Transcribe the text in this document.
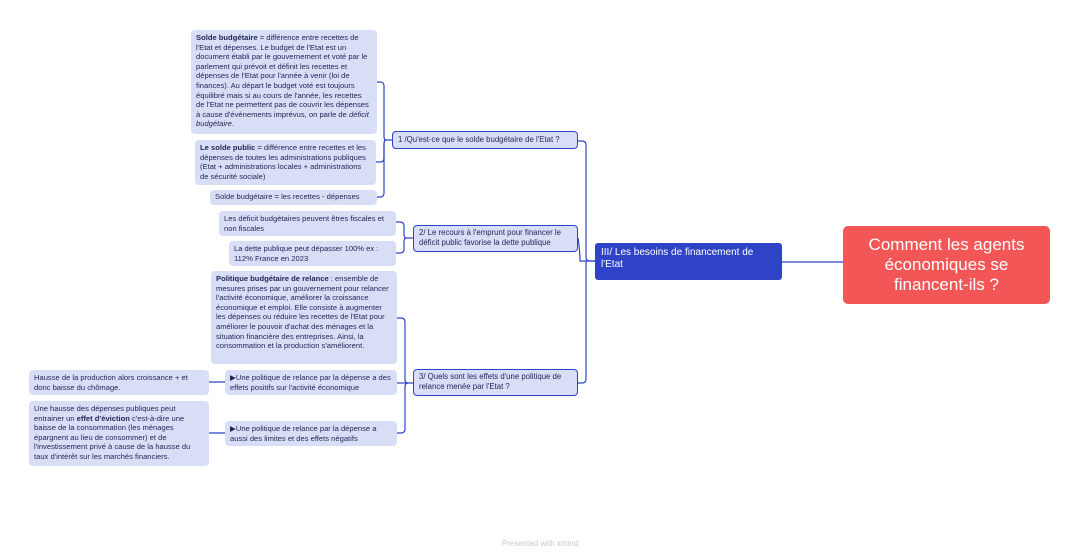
Solde budgétaire = différence entre recettes de l'Etat et dépenses. Le budget de l'Etat est un document établi par le gouvernement et voté par le parlement qui prévoit et définit les recettes et dépenses de l'Etat pour l'année à venir (loi de finances). Au départ le budget voté est toujours équilibré mais si au cours de l'année, les recettes de l'Etat ne permettent pas de couvrir les dépenses à cause d'événements imprévus, on parle de déficit budgétaire.
Le solde public = différence entre recettes et les dépenses de toutes les administrations publiques (Etat + administrations locales + administrations de sécurité sociale)
Solde budgétaire = les recettes - dépenses
Les déficit budgétaires peuvent êtres fiscales et non fiscales
La dette publique peut dépasser 100% ex : 112% France en 2023
Politique budgétaire de relance : ensemble de mesures prises par un gouvernement pour relancer l'activité économique, améliorer la croissance économique et emploi. Elle consiste à augmenter les dépenses ou réduire les recettes de l'Etat pour améliorer le pouvoir d'achat des ménages et la situation financière des entreprises. Ainsi, la consommation et la production s'améliorent.
▶Une politique de relance par la dépense a des effets positifs sur l'activité économique
Hausse de la production alors croissance + et donc baisse du chômage.
▶Une politique de relance par la dépense a aussi des limites et des effets négatifs
Une hausse des dépenses publiques peut entrainer un effet d'éviction c'est-à-dire une baisse de la consommation (les ménages épargnent au lieu de consommer) et de l'investissement privé à cause de la hausse du taux d'intérêt sur les marchés financiers.
1 /Qu'est-ce que le solde budgétaire de l'Etat ?
2/ Le recours à l'emprunt pour financer le déficit public favorise la dette publique
3/ Quels sont les effets d'une politique de relance menée par l'Etat ?
III/ Les besoins de financement de l'Etat
Comment les agents économiques se financent-ils ?
Presented with xmind
